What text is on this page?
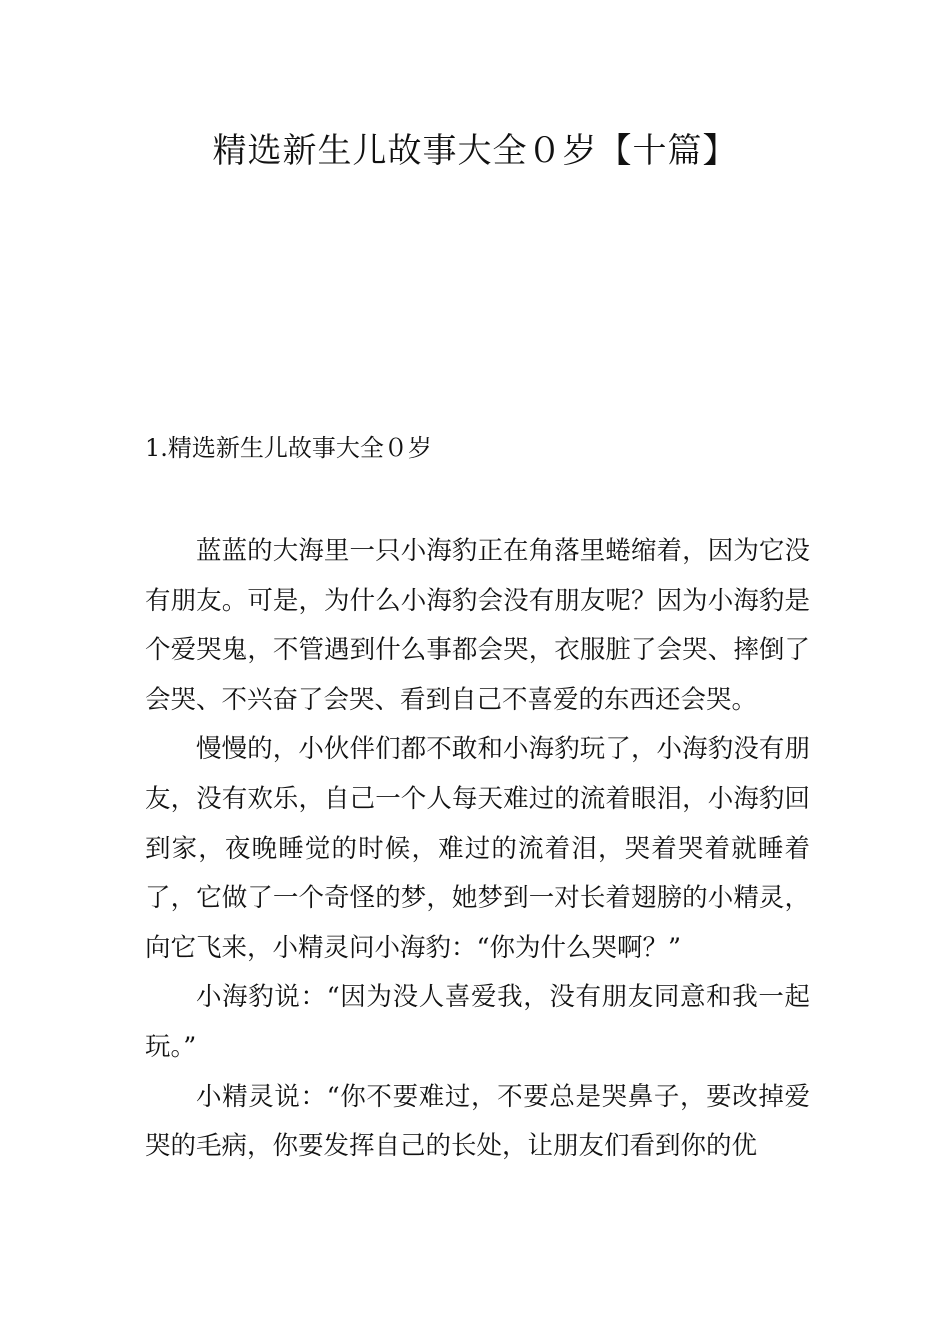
精选新生儿故事大全０岁【十篇】
1.精选新生儿故事大全０岁

蓝蓝的大海里一只小海豹正在角落里蜷缩着，因为它没有朋友。可是，为什么小海豹会没有朋友呢？因为小海豹是个爱哭鬼，不管遇到什么事都会哭，衣服脏了会哭、摔倒了会哭、不兴奋了会哭、看到自己不喜爱的东西还会哭。

慢慢的，小伙伴们都不敢和小海豹玩了，小海豹没有朋友，没有欢乐，自己一个人每天难过的流着眼泪，小海豹回到家，夜晚睡觉的时候，难过的流着泪，哭着哭着就睡着了，它做了一个奇怪的梦，她梦到一对长着翅膀的小精灵，向它飞来，小精灵问小海豹：“你为什么哭啊？”

小海豹说：“因为没人喜爱我，没有朋友同意和我一起玩。”

小精灵说：“你不要难过，不要总是哭鼻子，要改掉爱哭的毛病，你要发挥自己的长处，让朋友们看到你的优
